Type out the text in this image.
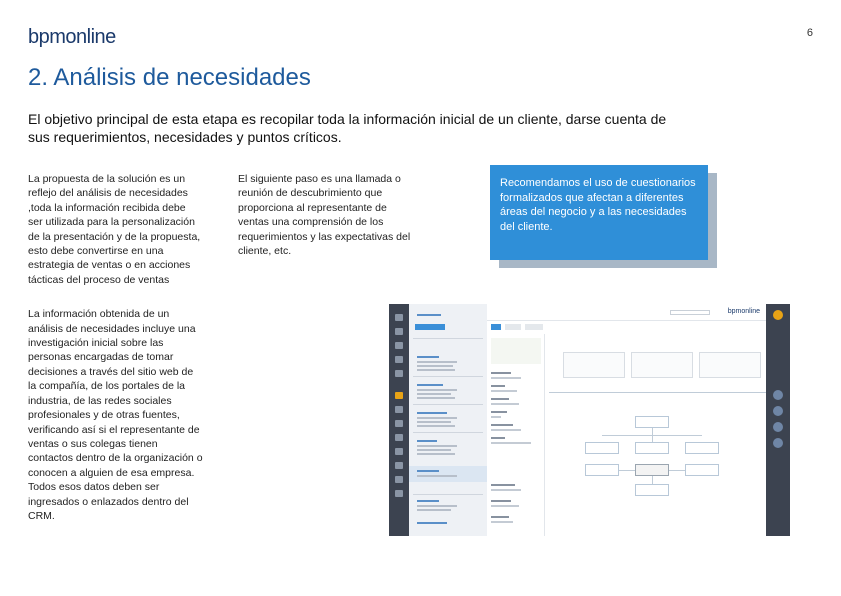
bpmonline	6
2. Análisis de necesidades

El objetivo principal de esta etapa es recopilar toda la información inicial de un cliente, darse cuenta de sus requerimientos, necesidades y puntos críticos.

La propuesta de la solución es un reflejo del análisis de necesidades ,toda la información recibida debe ser utilizada para la personalización de la presentación y de la propuesta, esto debe convertirse en una estrategia de ventas o en acciones tácticas del proceso de ventas

La información obtenida de un análisis de necesidades incluye una investigación inicial sobre las personas encargadas de tomar decisiones a través del sitio web de la compañía, de los portales de la industria, de las redes sociales profesionales y de otras fuentes, verificando así si el representante de ventas o sus colegas tienen contactos dentro de la organización o conocen a alguien de esa empresa. Todos esos datos deben ser ingresados o enlazados dentro del CRM.

El siguiente paso es una llamada o reunión de descubrimiento que proporciona al representante de ventas una comprensión de los requerimientos y las expectativas del cliente, etc.

Recomendamos el uso de cuestionarios formalizados que afectan a diferentes áreas del negocio y a las necesidades del cliente.
bpmonline
